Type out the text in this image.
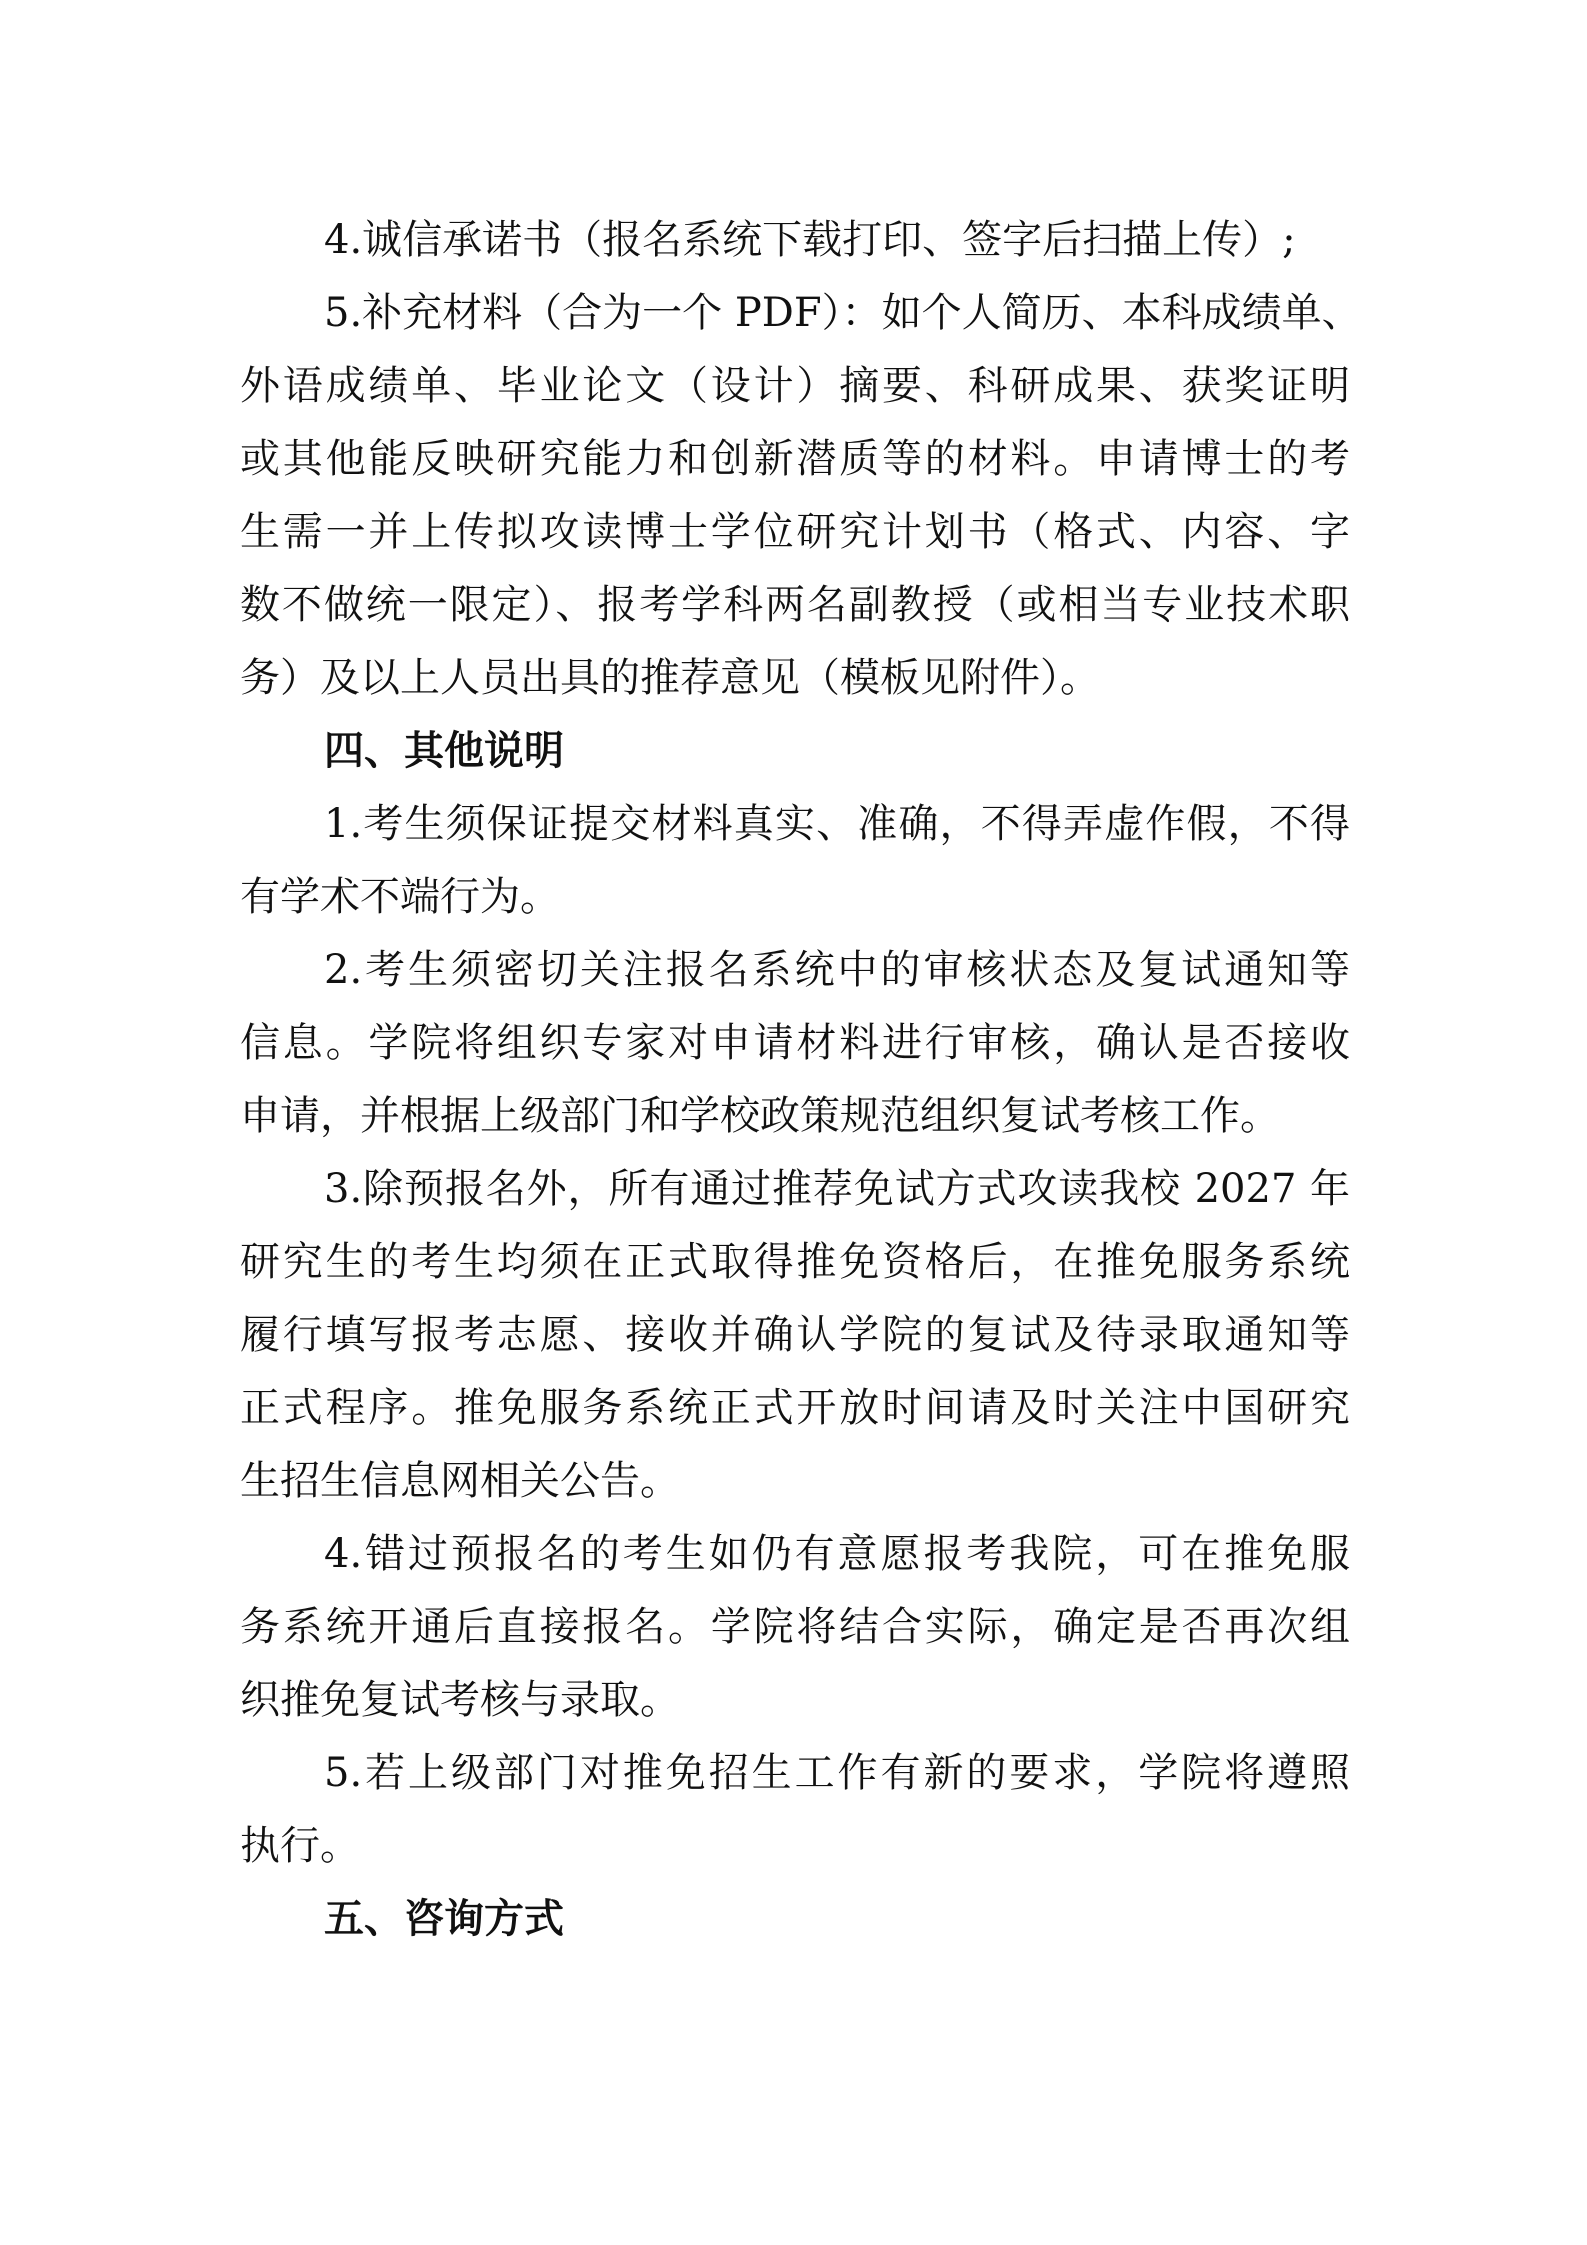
4.诚信承诺书（报名系统下载打印、签字后扫描上传）;
5.补充材料（合为一个 PDF）：如个人简历、本科成绩单、
外语成绩单、毕业论文（设计）摘要、科研成果、获奖证明
或其他能反映研究能力和创新潜质等的材料。申请博士的考
生需一并上传拟攻读博士学位研究计划书（格式、内容、字
数不做统一限定）、报考学科两名副教授（或相当专业技术职
务）及以上人员出具的推荐意见（模板见附件）。
四、其他说明
1.考生须保证提交材料真实、准确，不得弄虚作假，不得
有学术不端行为。
2.考生须密切关注报名系统中的审核状态及复试通知等
信息。学院将组织专家对申请材料进行审核，确认是否接收
申请，并根据上级部门和学校政策规范组织复试考核工作。
3.除预报名外，所有通过推荐免试方式攻读我校 2027 年
研究生的考生均须在正式取得推免资格后，在推免服务系统
履行填写报考志愿、接收并确认学院的复试及待录取通知等
正式程序。推免服务系统正式开放时间请及时关注中国研究
生招生信息网相关公告。
4.错过预报名的考生如仍有意愿报考我院，可在推免服
务系统开通后直接报名。学院将结合实际，确定是否再次组
织推免复试考核与录取。
5.若上级部门对推免招生工作有新的要求，学院将遵照
执行。
五、咨询方式
